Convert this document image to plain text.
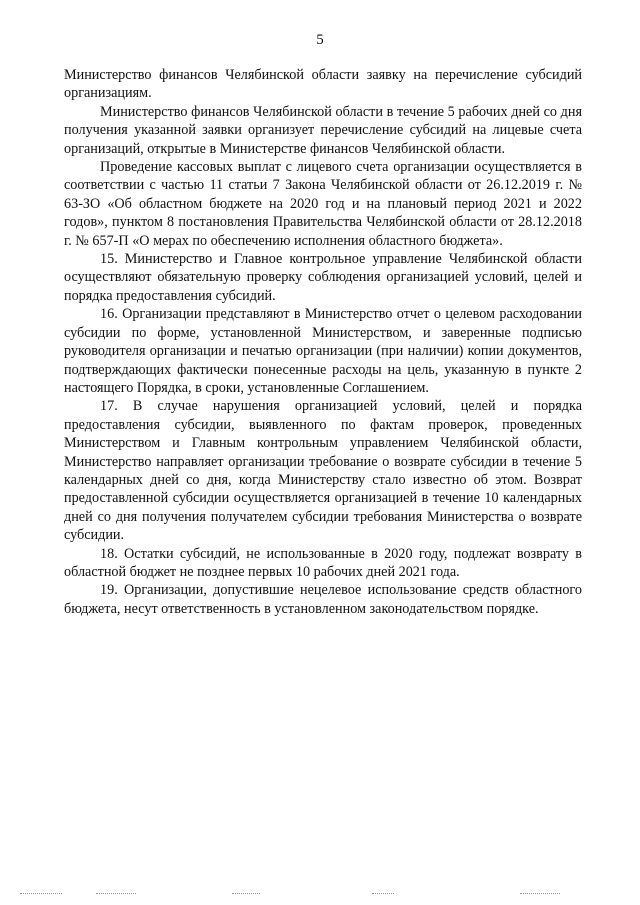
5

Министерство финансов Челябинской области заявку на перечисление субсидий организациям.

Министерство финансов Челябинской области в течение 5 рабочих дней со дня получения указанной заявки организует перечисление субсидий на лицевые счета организаций, открытые в Министерстве финансов Челябинской области.

Проведение кассовых выплат с лицевого счета организации осуществляется в соответствии с частью 11 статьи 7 Закона Челябинской области от 26.12.2019 г. № 63-ЗО «Об областном бюджете на 2020 год и на плановый период 2021 и 2022 годов», пунктом 8 постановления Правительства Челябинской области от 28.12.2018 г. № 657-П «О мерах по обеспечению исполнения областного бюджета».

15. Министерство и Главное контрольное управление Челябинской области осуществляют обязательную проверку соблюдения организацией условий, целей и порядка предоставления субсидий.

16. Организации представляют в Министерство отчет о целевом расходовании субсидии по форме, установленной Министерством, и заверенные подписью руководителя организации и печатью организации (при наличии) копии документов, подтверждающих фактически понесенные расходы на цель, указанную в пункте 2 настоящего Порядка, в сроки, установленные Соглашением.

17. В случае нарушения организацией условий, целей и порядка предоставления субсидии, выявленного по фактам проверок, проведенных Министерством и Главным контрольным управлением Челябинской области, Министерство направляет организации требование о возврате субсидии в течение 5 календарных дней со дня, когда Министерству стало известно об этом. Возврат предоставленной субсидии осуществляется организацией в течение 10 календарных дней со дня получения получателем субсидии требования Министерства о возврате субсидии.

18. Остатки субсидий, не использованные в 2020 году, подлежат возврату в областной бюджет не позднее первых 10 рабочих дней 2021 года.

19. Организации, допустившие нецелевое использование средств областного бюджета, несут ответственность в установленном законодательством порядке.
